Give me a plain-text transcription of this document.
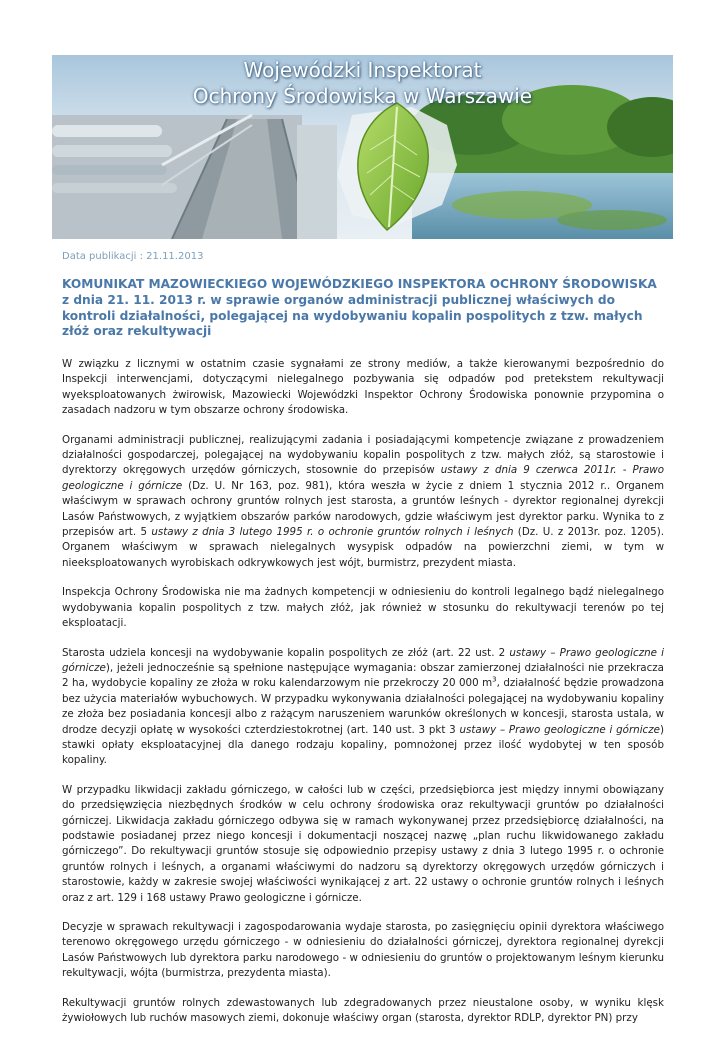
Wojewódzki Inspektorat
Ochrony Środowiska w Warszawie
Data publikacji : 21.11.2013
KOMUNIKAT MAZOWIECKIEGO WOJEWÓDZKIEGO INSPEKTORA OCHRONY ŚRODOWISKA z dnia 21. 11. 2013 r. w sprawie organów administracji publicznej właściwych do kontroli działalności, polegającej na wydobywaniu kopalin pospolitych z tzw. małych złóż oraz rekultywacji

W związku z licznymi w ostatnim czasie sygnałami ze strony mediów, a także kierowanymi bezpośrednio do Inspekcji interwencjami, dotyczącymi nielegalnego pozbywania się odpadów pod pretekstem rekultywacji wyeksploatowanych żwirowisk, Mazowiecki Wojewódzki Inspektor Ochrony Środowiska ponownie przypomina o zasadach nadzoru w tym obszarze ochrony środowiska.

Organami administracji publicznej, realizującymi zadania i posiadającymi kompetencje związane z prowadzeniem działalności gospodarczej, polegającej na wydobywaniu kopalin pospolitych z tzw. małych złóż, są starostowie i dyrektorzy okręgowych urzędów górniczych, stosownie do przepisów ustawy z dnia 9 czerwca 2011r. - Prawo geologiczne i górnicze (Dz. U. Nr 163, poz. 981), która weszła w życie z dniem 1 stycznia 2012 r.. Organem właściwym w sprawach ochrony gruntów rolnych jest starosta, a gruntów leśnych - dyrektor regionalnej dyrekcji Lasów Państwowych, z wyjątkiem obszarów parków narodowych, gdzie właściwym jest dyrektor parku. Wynika to z przepisów art. 5 ustawy z dnia 3 lutego 1995 r. o ochronie gruntów rolnych i leśnych (Dz. U. z 2013r. poz. 1205). Organem właściwym w sprawach nielegalnych wysypisk odpadów na powierzchni ziemi, w tym w nieeksploatowanych wyrobiskach odkrywkowych jest wójt, burmistrz, prezydent miasta.

Inspekcja Ochrony Środowiska nie ma żadnych kompetencji w odniesieniu do kontroli legalnego bądź nielegalnego wydobywania kopalin pospolitych z tzw. małych złóż, jak również w stosunku do rekultywacji terenów po tej eksploatacji.

Starosta udziela koncesji na wydobywanie kopalin pospolitych ze złóż (art. 22 ust. 2 ustawy – Prawo geologiczne i górnicze), jeżeli jednocześnie są spełnione następujące wymagania: obszar zamierzonej działalności nie przekracza 2 ha, wydobycie kopaliny ze złoża w roku kalendarzowym nie przekroczy 20 000 $m^3$, działalność będzie prowadzona bez użycia materiałów wybuchowych. W przypadku wykonywania działalności polegającej na wydobywaniu kopaliny ze złoża bez posiadania koncesji albo z rażącym naruszeniem warunków określonych w koncesji, starosta ustala, w drodze decyzji opłatę w wysokości czterdziestokrotnej (art. 140 ust. 3 pkt 3 ustawy – Prawo geologiczne i górnicze) stawki opłaty eksploatacyjnej dla danego rodzaju kopaliny, pomnożonej przez ilość wydobytej w ten sposób kopaliny.

W przypadku likwidacji zakładu górniczego, w całości lub w części, przedsiębiorca jest między innymi obowiązany do przedsięwzięcia niezbędnych środków w celu ochrony środowiska oraz rekultywacji gruntów po działalności górniczej. Likwidacja zakładu górniczego odbywa się w ramach wykonywanej przez przedsiębiorcę działalności, na podstawie posiadanej przez niego koncesji i dokumentacji noszącej nazwę „plan ruchu likwidowanego zakładu górniczego”. Do rekultywacji gruntów stosuje się odpowiednio przepisy ustawy z dnia 3 lutego 1995 r. o ochronie gruntów rolnych i leśnych, a organami właściwymi do nadzoru są dyrektorzy okręgowych urzędów górniczych i starostowie, każdy w zakresie swojej właściwości wynikającej z art. 22 ustawy o ochronie gruntów rolnych i leśnych oraz z art. 129 i 168 ustawy Prawo geologiczne i górnicze.

Decyzje w sprawach rekultywacji i zagospodarowania wydaje starosta, po zasięgnięciu opinii dyrektora właściwego terenowo okręgowego urzędu górniczego - w odniesieniu do działalności górniczej, dyrektora regionalnej dyrekcji Lasów Państwowych lub dyrektora parku narodowego - w odniesieniu do gruntów o projektowanym leśnym kierunku rekultywacji, wójta (burmistrza, prezydenta miasta).

Rekultywacji gruntów rolnych zdewastowanych lub zdegradowanych przez nieustalone osoby, w wyniku klęsk żywiołowych lub ruchów masowych ziemi, dokonuje właściwy organ (starosta, dyrektor RDLP, dyrektor PN) przy
